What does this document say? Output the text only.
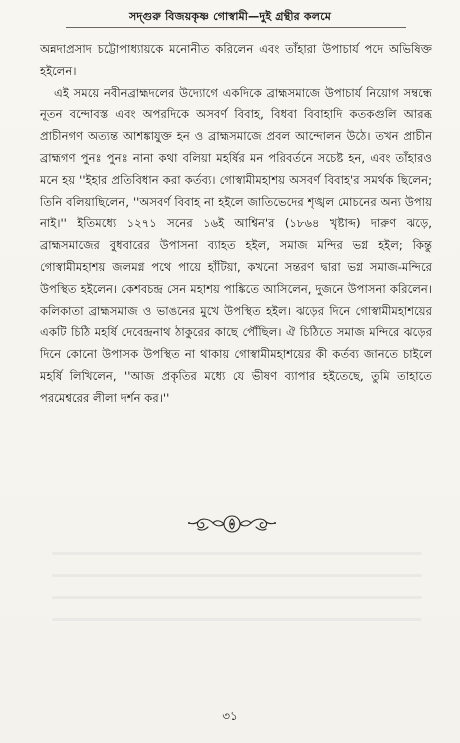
সদ্গুরু বিজয়কৃষ্ণ গোস্বামী—দুই গ্রন্থীর কলমে

অন্নদাপ্রসাদ চট্টোপাধ্যায়কে মনোনীত করিলেন এবং তাঁহারা উপাচার্য পদে অভিষিক্ত হইলেন।

এই সময়ে নবীনব্রাহ্মদলের উদ্যোগে একদিকে ব্রাহ্মসমাজে উপাচার্য নিয়োগ সম্বন্ধে নূতন বন্দোবস্ত এবং অপরদিকে অসবর্ণ বিবাহ, বিধবা বিবাহাদি কতকগুলি আরব্ধ প্রাচীনগণ অত্যন্ত আশঙ্কাযুক্ত হন ও ব্রাহ্মসমাজে প্রবল আন্দোলন উঠে। তখন প্রাচীন ব্রাহ্মগণ পুনঃ পুনঃ নানা কথা বলিয়া মহর্ষির মন পরিবর্তনে সচেষ্ট হন, এবং তাঁহারও মনে হয় ''ইহার প্রতিবিধান করা কর্তব্য। গোস্বামীমহাশয় অসবর্ণ বিবাহ'র সমর্থক ছিলেন; তিনি বলিয়াছিলেন, ''অসবর্ণ বিবাহ না হইলে জাতিভেদের শৃঙ্খল মোচনের অন্য উপায় নাই।'' ইতিমধ্যে ১২৭১ সনের ১৬ই আশ্বিন'র (১৮৬৪ খৃষ্টাব্দ) দারুণ ঝড়ে, ব্রাহ্মসমাজের বুধবারের উপাসনা ব্যাহত হইল, সমাজ মন্দির ভগ্ন হইল; কিন্তু গোস্বামীমহাশয় জলমগ্ন পথে পায়ে হাঁটিয়া, কখনো সন্তরণ দ্বারা ভগ্ন সমাজ-মন্দিরে উপস্থিত হইলেন। কেশবচন্দ্র সেন মহাশয় পাঙ্কিতে আসিলেন, দুজনে উপাসনা করিলেন। কলিকাতা ব্রাহ্মসমাজ ও ভাঙনের মুখে উপস্থিত হইল। ঝড়ের দিনে গোস্বামীমহাশয়ের একটি চিঠি মহর্ষি দেবেন্দ্রনাথ ঠাকুরের কাছে পৌঁছিল। ঐ চিঠিতে সমাজ মন্দিরে ঝড়ের দিনে কোনো উপাসক উপস্থিত না থাকায় গোস্বামীমহাশয়ের কী কর্তব্য জানতে চাইলে মহর্ষি লিখিলেন, ''আজ প্রকৃতির মধ্যে যে ভীষণ ব্যাপার হইতেছে, তুমি তাহাতে পরমেশ্বরের লীলা দর্শন কর।''

৩১
